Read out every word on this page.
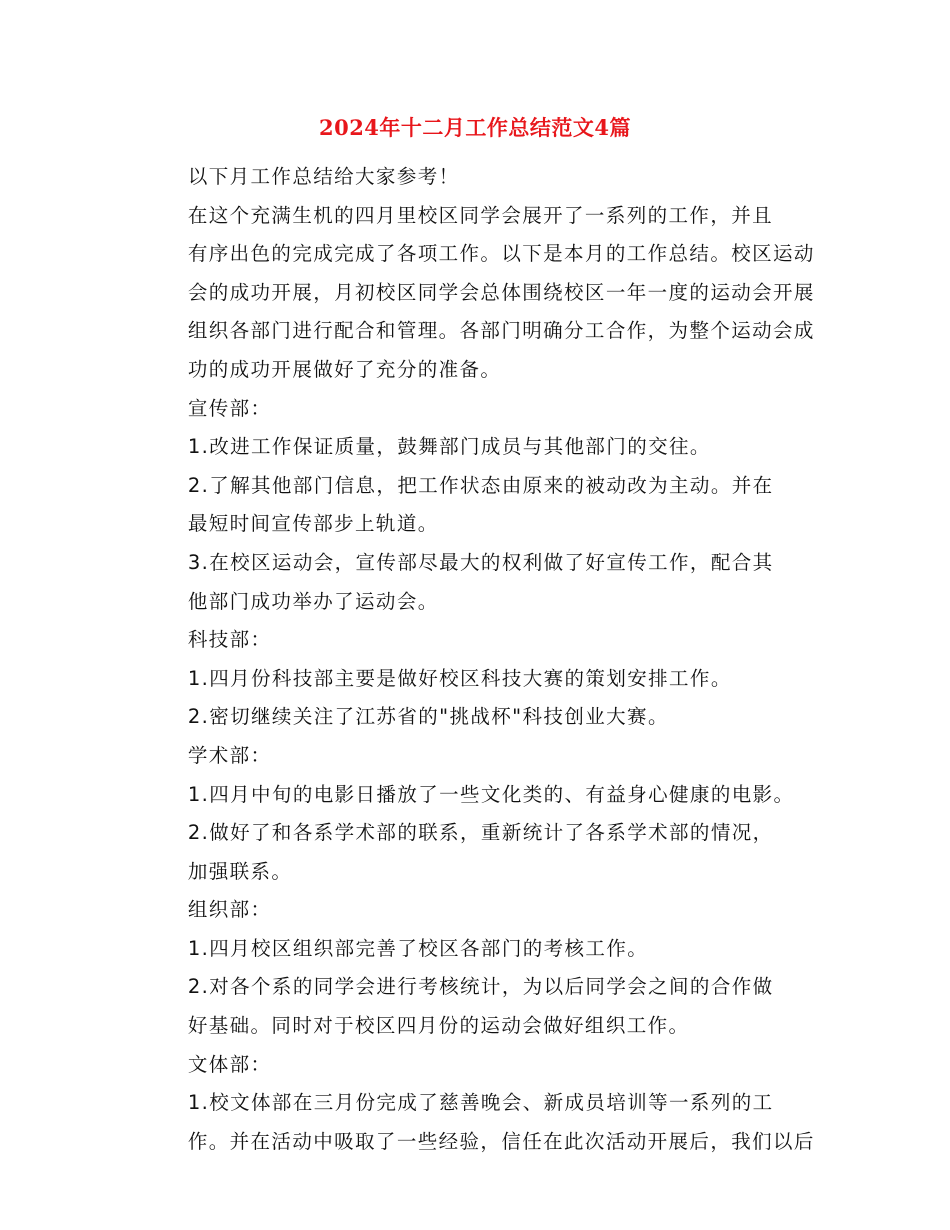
2024年十二月工作总结范文4篇

以下月工作总结给大家参考！

在这个充满生机的四月里校区同学会展开了一系列的工作，并且
有序出色的完成完成了各项工作。以下是本月的工作总结。校区运动
会的成功开展，月初校区同学会总体围绕校区一年一度的运动会开展
组织各部门进行配合和管理。各部门明确分工合作，为整个运动会成
功的成功开展做好了充分的准备。

宣传部：

1.改进工作保证质量，鼓舞部门成员与其他部门的交往。

2.了解其他部门信息，把工作状态由原来的被动改为主动。并在
最短时间宣传部步上轨道。

3.在校区运动会，宣传部尽最大的权利做了好宣传工作，配合其
他部门成功举办了运动会。

科技部：

1.四月份科技部主要是做好校区科技大赛的策划安排工作。

2.密切继续关注了江苏省的"挑战杯"科技创业大赛。

学术部：

1.四月中旬的电影日播放了一些文化类的、有益身心健康的电影。

2.做好了和各系学术部的联系，重新统计了各系学术部的情况，
加强联系。

组织部：

1.四月校区组织部完善了校区各部门的考核工作。

2.对各个系的同学会进行考核统计，为以后同学会之间的合作做
好基础。同时对于校区四月份的运动会做好组织工作。

文体部：

1.校文体部在三月份完成了慈善晚会、新成员培训等一系列的工
作。并在活动中吸取了一些经验，信任在此次活动开展后，我们以后
